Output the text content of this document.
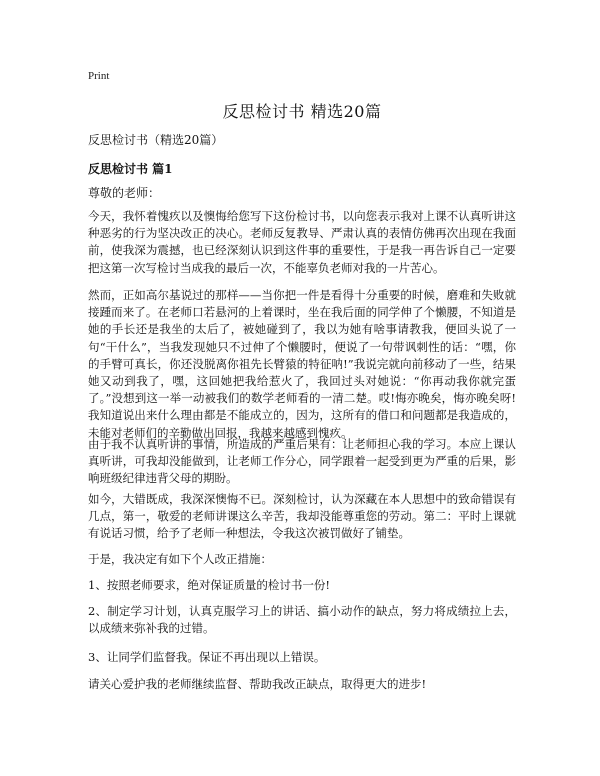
Print
反思检讨书 精选20篇
反思检讨书（精选20篇）
反思检讨书 篇1
尊敬的老师：

今天，我怀着愧疚以及懊悔给您写下这份检讨书，以向您表示我对上课不认真听讲这种恶劣的行为坚决改正的决心。老师反复教导、严肃认真的表情仿佛再次出现在我面前，使我深为震撼，也已经深刻认识到这件事的重要性，于是我一再告诉自己一定要把这第一次写检讨当成我的最后一次，不能辜负老师对我的一片苦心。

然而，正如高尔基说过的那样——当你把一件是看得十分重要的时候，磨难和失败就接踵而来了。在老师口若悬河的上着课时，坐在我后面的同学伸了个懒腰，不知道是她的手长还是我坐的太后了，被她碰到了，我以为她有啥事请教我，便回头说了一句“干什么”，当我发现她只不过伸了个懒腰时，便说了一句带讽刺性的话：“嘿，你的手臂可真长，你还没脱离你祖先长臂猿的特征呐!”我说完就向前移动了一些，结果她又动到我了，嘿，这回她把我给惹火了，我回过头对她说：“你再动我你就完蛋了。”没想到这一举一动被我们的数学老师看的一清二楚。哎!悔亦晚矣，悔亦晚矣呀!我知道说出来什么理由都是不能成立的，因为，这所有的借口和问题都是我造成的，未能对老师们的辛勤做出回报，我越来越感到愧疚。

由于我不认真听讲的事情，所造成的严重后果有：让老师担心我的学习。本应上课认真听讲，可我却没能做到，让老师工作分心，同学跟着一起受到更为严重的后果，影响班级纪律违背父母的期盼。

如今，大错既成，我深深懊悔不已。深刻检讨，认为深藏在本人思想中的致命错误有几点，第一，敬爱的老师讲课这么辛苦，我却没能尊重您的劳动。第二：平时上课就有说话习惯，给予了老师一种想法，令我这次被罚做好了铺垫。

于是，我决定有如下个人改正措施：

1、按照老师要求，绝对保证质量的检讨书一份!

2、制定学习计划，认真克服学习上的讲话、搞小动作的缺点，努力将成绩拉上去，以成绩来弥补我的过错。

3、让同学们监督我。保证不再出现以上错误。

请关心爱护我的老师继续监督、帮助我改正缺点，取得更大的进步!
